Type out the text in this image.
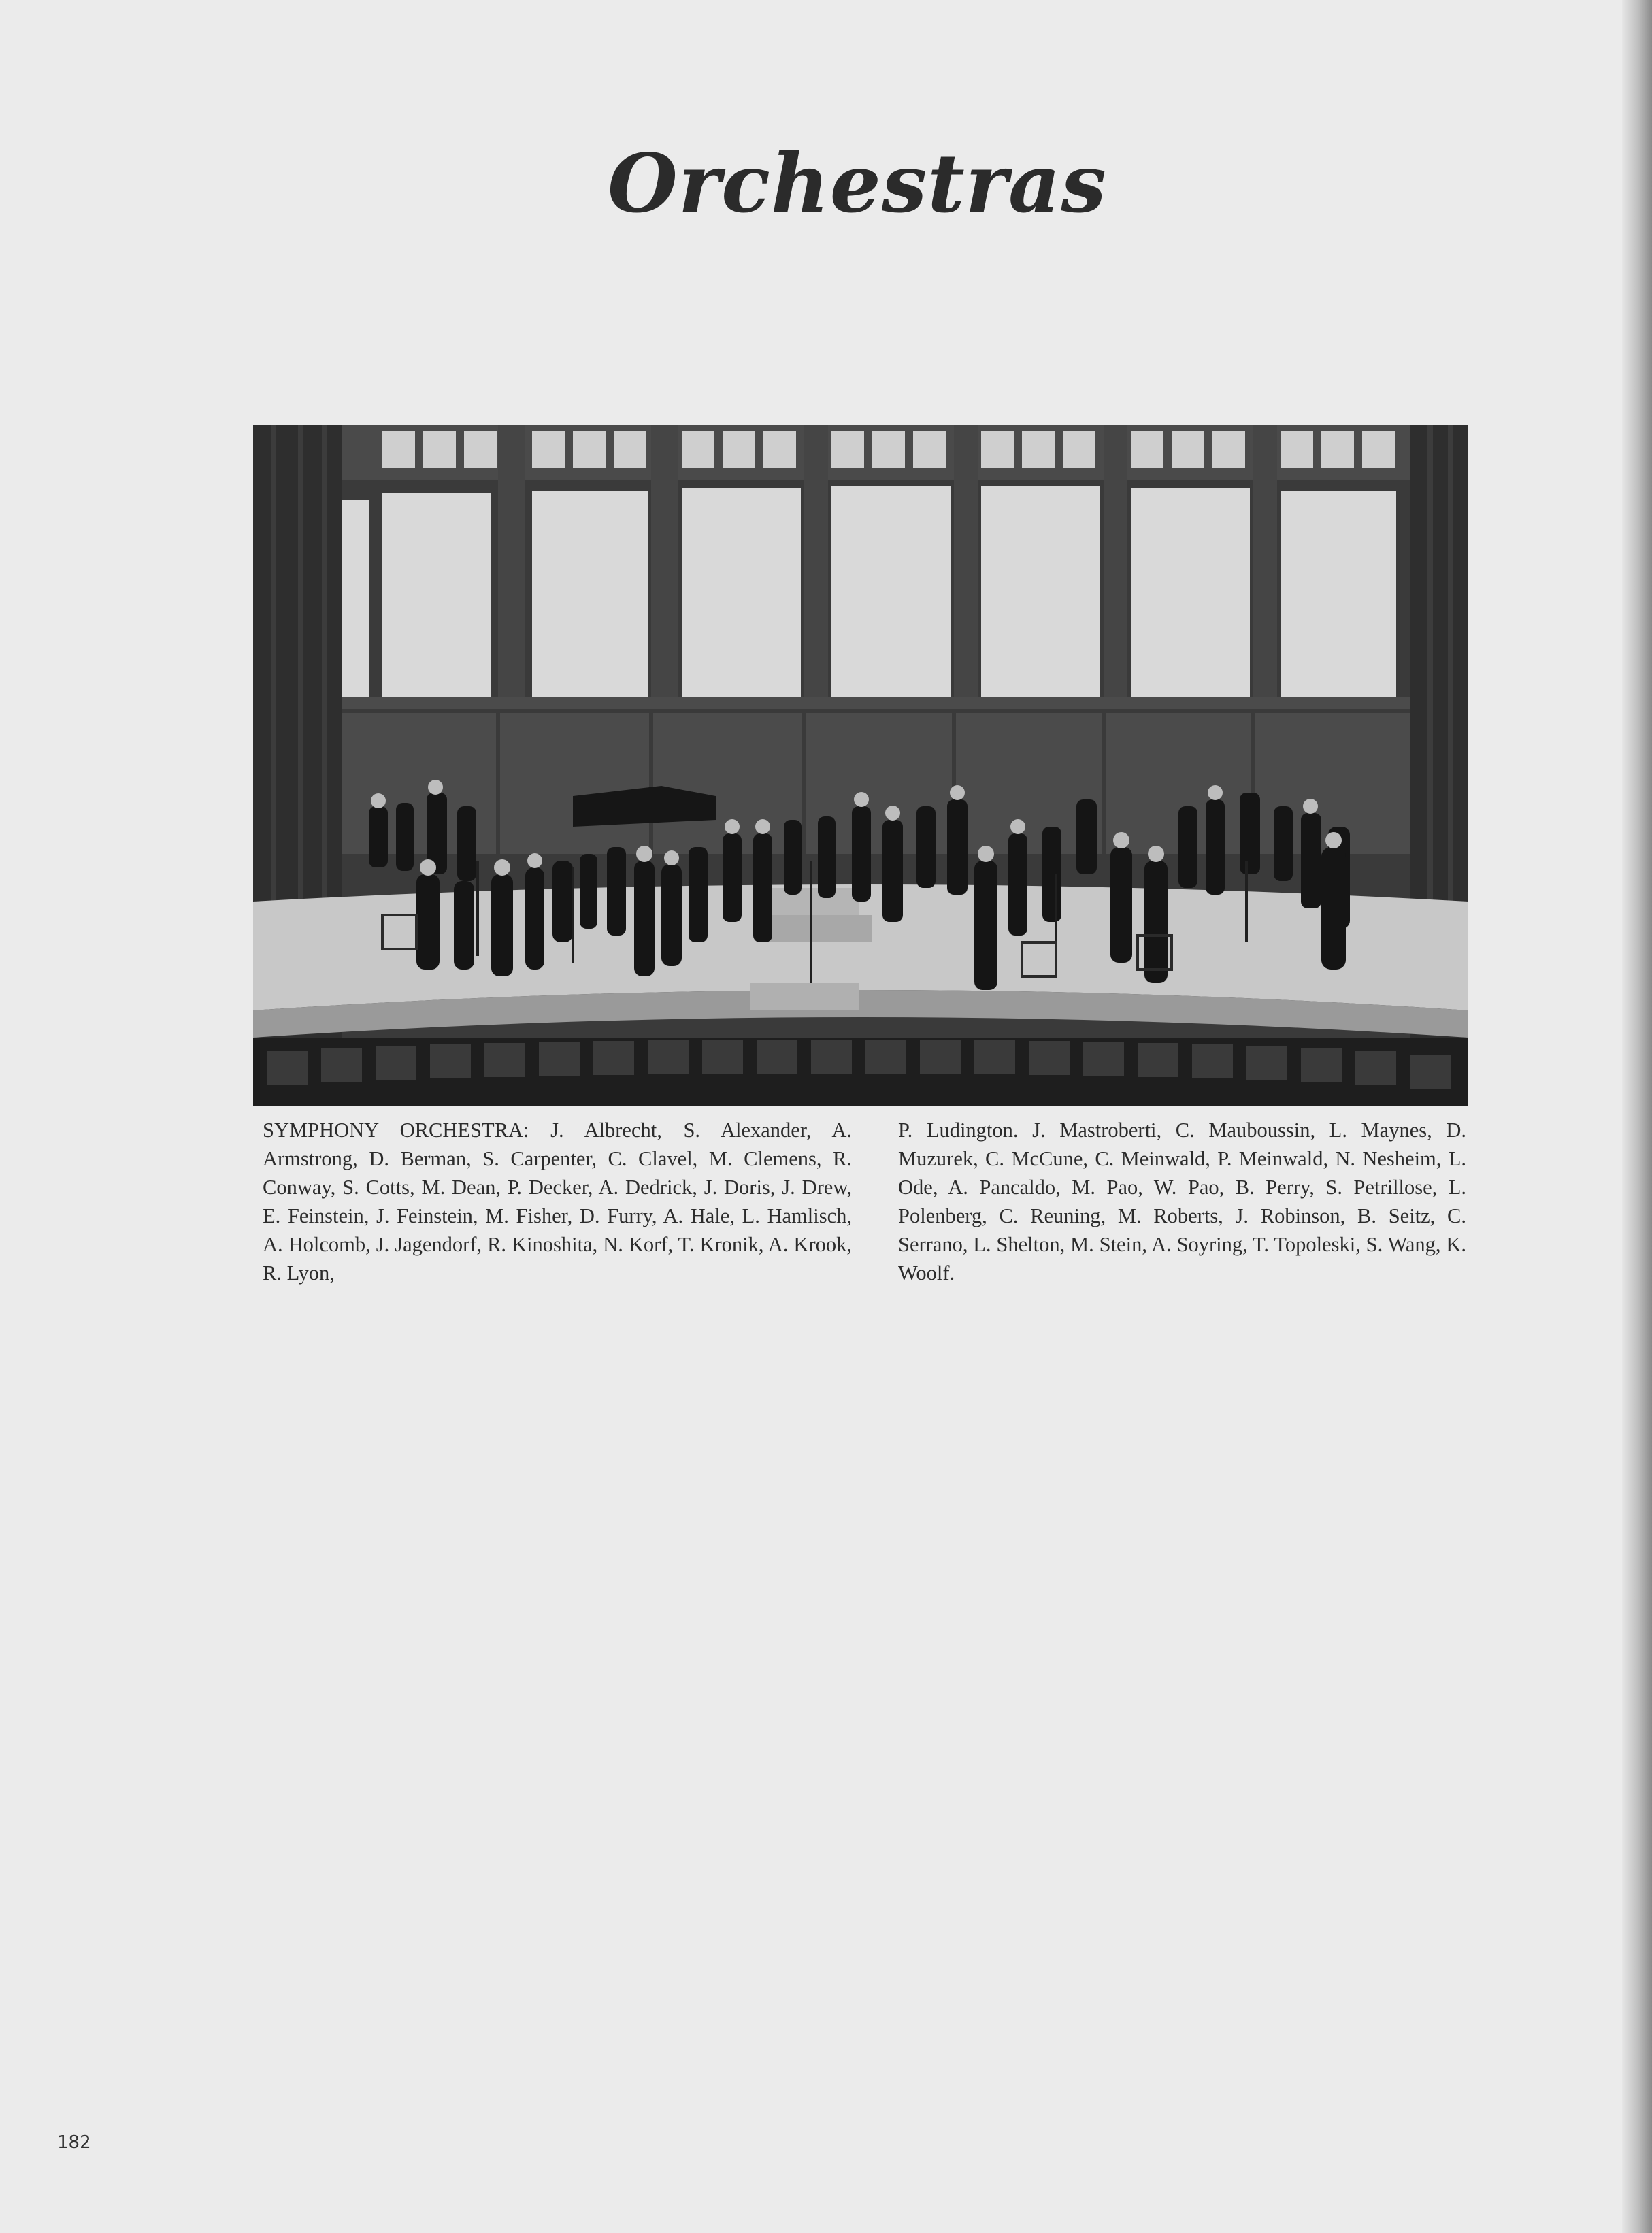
Orchestras
SYMPHONY ORCHESTRA: J. Albrecht, S. Alexander, A. Armstrong, D. Berman, S. Carpenter, C. Clavel, M. Clemens, R. Conway, S. Cotts, M. Dean, P. Decker, A. Dedrick, J. Doris, J. Drew, E. Feinstein, J. Feinstein, M. Fisher, D. Furry, A. Hale, L. Hamlisch, A. Holcomb, J. Jagendorf, R. Kinoshita, N. Korf, T. Kronik, A. Krook, R. Lyon,
P. Ludington. J. Mastroberti, C. Mauboussin, L. Maynes, D. Muzurek, C. McCune, C. Meinwald, P. Meinwald, N. Nesheim, L. Ode, A. Pancaldo, M. Pao, W. Pao, B. Perry, S. Petrillose, L. Polenberg, C. Reuning, M. Roberts, J. Robinson, B. Seitz, C. Serrano, L. Shelton, M. Stein, A. Soyring, T. Topoleski, S. Wang, K. Woolf.
182
